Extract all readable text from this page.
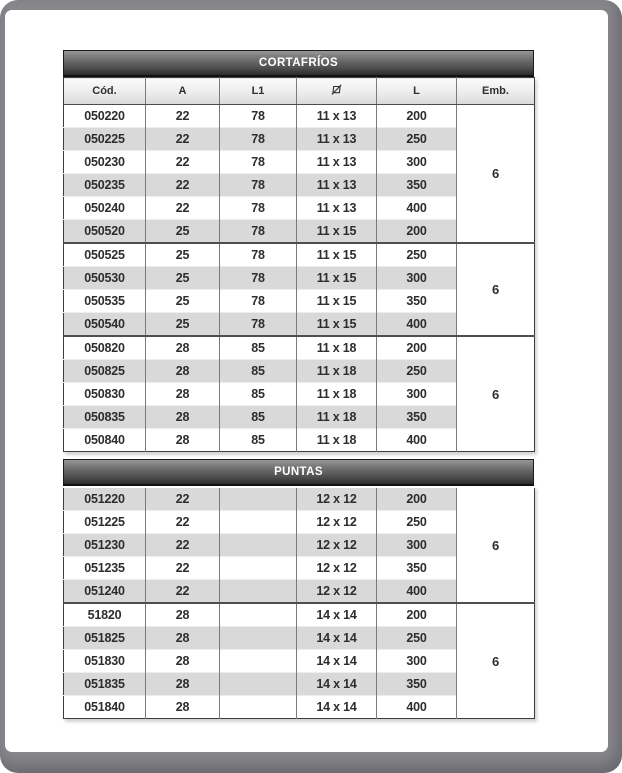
CORTAFRÍOS
Cód.	A	L1		L	Emb.
050220	22	78	11 x 13	200	6
050225	22	78	11 x 13	250	
050230	22	78	11 x 13	300	
050235	22	78	11 x 13	350	
050240	22	78	11 x 13	400	
050520	25	78	11 x 15	200	
050525	25	78	11 x 15	250	6
050530	25	78	11 x 15	300	
050535	25	78	11 x 15	350	
050540	25	78	11 x 15	400	
050820	28	85	11 x 18	200	6
050825	28	85	11 x 18	250	
050830	28	85	11 x 18	300	
050835	28	85	11 x 18	350	
050840	28	85	11 x 18	400	
PUNTAS
051220	22		12 x 12	200	6
051225	22		12 x 12	250	
051230	22		12 x 12	300	
051235	22		12 x 12	350	
051240	22		12 x 12	400	
51820	28		14 x 14	200	6
051825	28		14 x 14	250	
051830	28		14 x 14	300	
051835	28		14 x 14	350	
051840	28		14 x 14	400	
